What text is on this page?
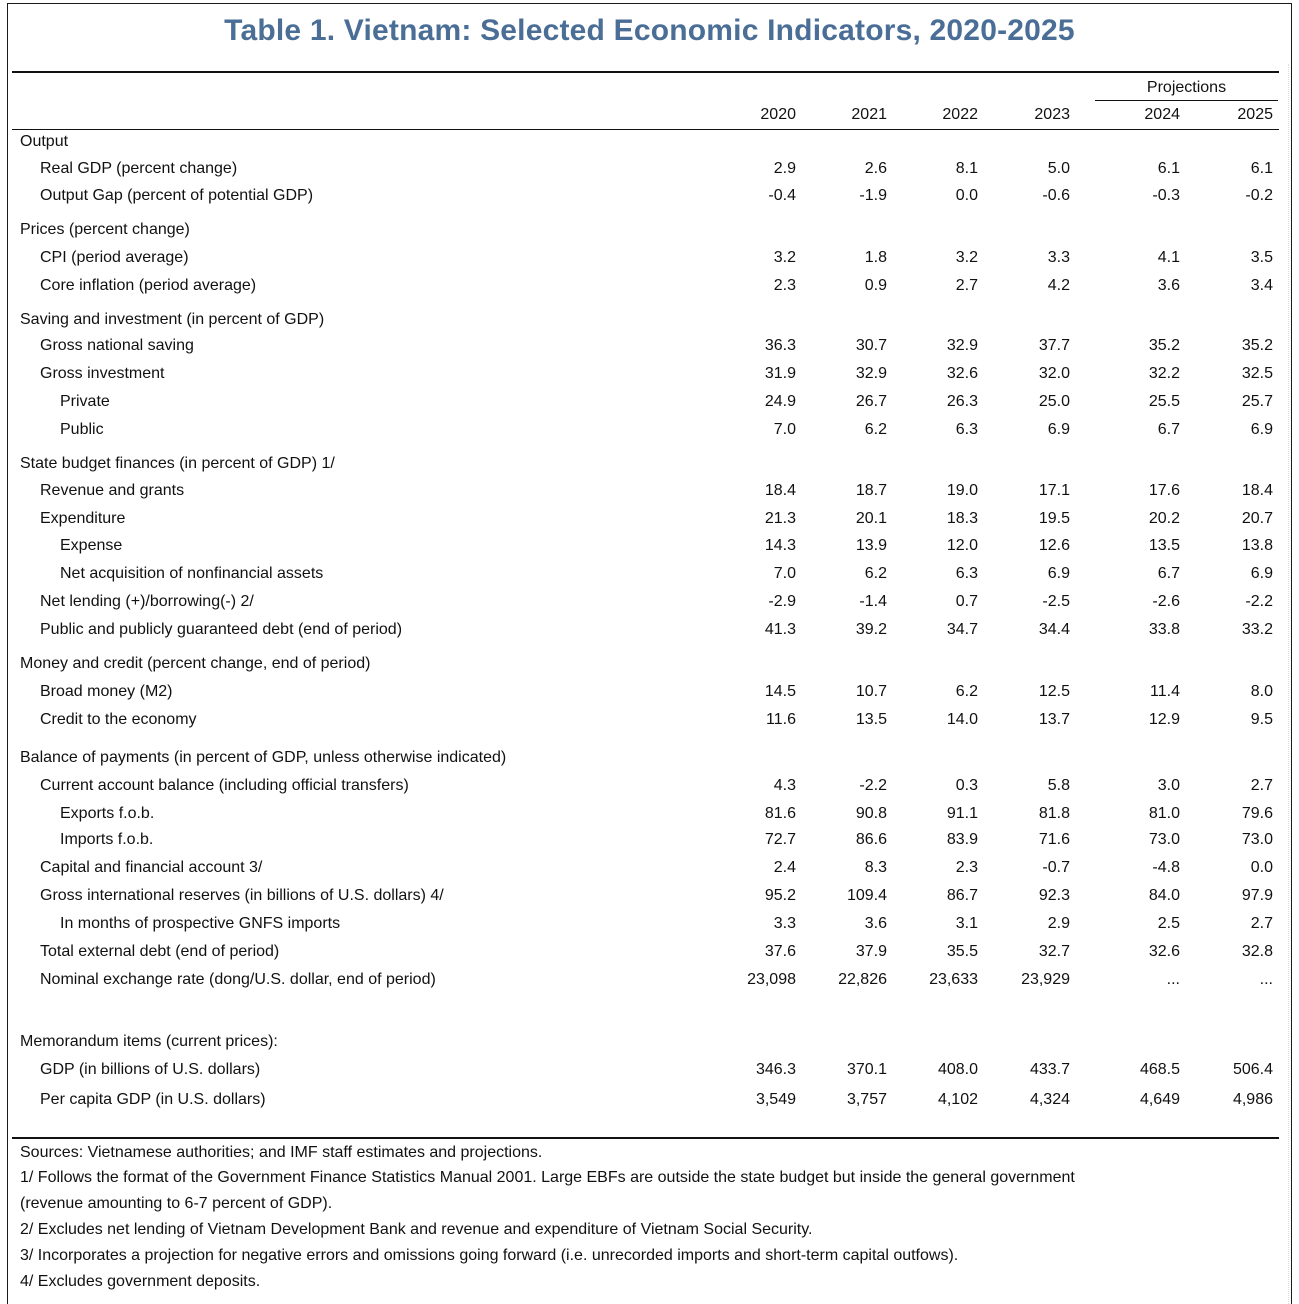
Table 1. Vietnam: Selected Economic Indicators, 2020-2025
Projections
2020	2021	2022	2023	2024	2025
Output
Real GDP (percent change)	2.9	2.6	8.1	5.0	6.1	6.1
Output Gap (percent of potential GDP)	-0.4	-1.9	0.0	-0.6	-0.3	-0.2
Prices (percent change)
CPI (period average)	3.2	1.8	3.2	3.3	4.1	3.5
Core inflation (period average)	2.3	0.9	2.7	4.2	3.6	3.4
Saving and investment (in percent of GDP)
Gross national saving	36.3	30.7	32.9	37.7	35.2	35.2
Gross investment	31.9	32.9	32.6	32.0	32.2	32.5
Private	24.9	26.7	26.3	25.0	25.5	25.7
Public	7.0	6.2	6.3	6.9	6.7	6.9
State budget finances (in percent of GDP) 1/
Revenue and grants	18.4	18.7	19.0	17.1	17.6	18.4
Expenditure	21.3	20.1	18.3	19.5	20.2	20.7
Expense	14.3	13.9	12.0	12.6	13.5	13.8
Net acquisition of nonfinancial assets	7.0	6.2	6.3	6.9	6.7	6.9
Net lending (+)/borrowing(-) 2/	-2.9	-1.4	0.7	-2.5	-2.6	-2.2
Public and publicly guaranteed debt (end of period)	41.3	39.2	34.7	34.4	33.8	33.2
Money and credit (percent change, end of period)
Broad money (M2)	14.5	10.7	6.2	12.5	11.4	8.0
Credit to the economy	11.6	13.5	14.0	13.7	12.9	9.5
Balance of payments (in percent of GDP, unless otherwise indicated)
Current account balance (including official transfers)	4.3	-2.2	0.3	5.8	3.0	2.7
Exports f.o.b.	81.6	90.8	91.1	81.8	81.0	79.6
Imports f.o.b.	72.7	86.6	83.9	71.6	73.0	73.0
Capital and financial account 3/	2.4	8.3	2.3	-0.7	-4.8	0.0
Gross international reserves (in billions of U.S. dollars) 4/	95.2	109.4	86.7	92.3	84.0	97.9
In months of prospective GNFS imports	3.3	3.6	3.1	2.9	2.5	2.7
Total external debt (end of period)	37.6	37.9	35.5	32.7	32.6	32.8
Nominal exchange rate (dong/U.S. dollar, end of period)	23,098	22,826	23,633	23,929	...	...
Memorandum items (current prices):
GDP (in billions of U.S. dollars)	346.3	370.1	408.0	433.7	468.5	506.4
Per capita GDP (in U.S. dollars)	3,549	3,757	4,102	4,324	4,649	4,986
Sources: Vietnamese authorities; and IMF staff estimates and projections.
1/ Follows the format of the Government Finance Statistics Manual 2001. Large EBFs are outside the state budget but inside the general government
(revenue amounting to 6-7 percent of GDP).
2/ Excludes net lending of Vietnam Development Bank and revenue and expenditure of Vietnam Social Security.
3/ Incorporates a projection for negative errors and omissions going forward (i.e. unrecorded imports and short-term capital outfows).
4/ Excludes government deposits.
